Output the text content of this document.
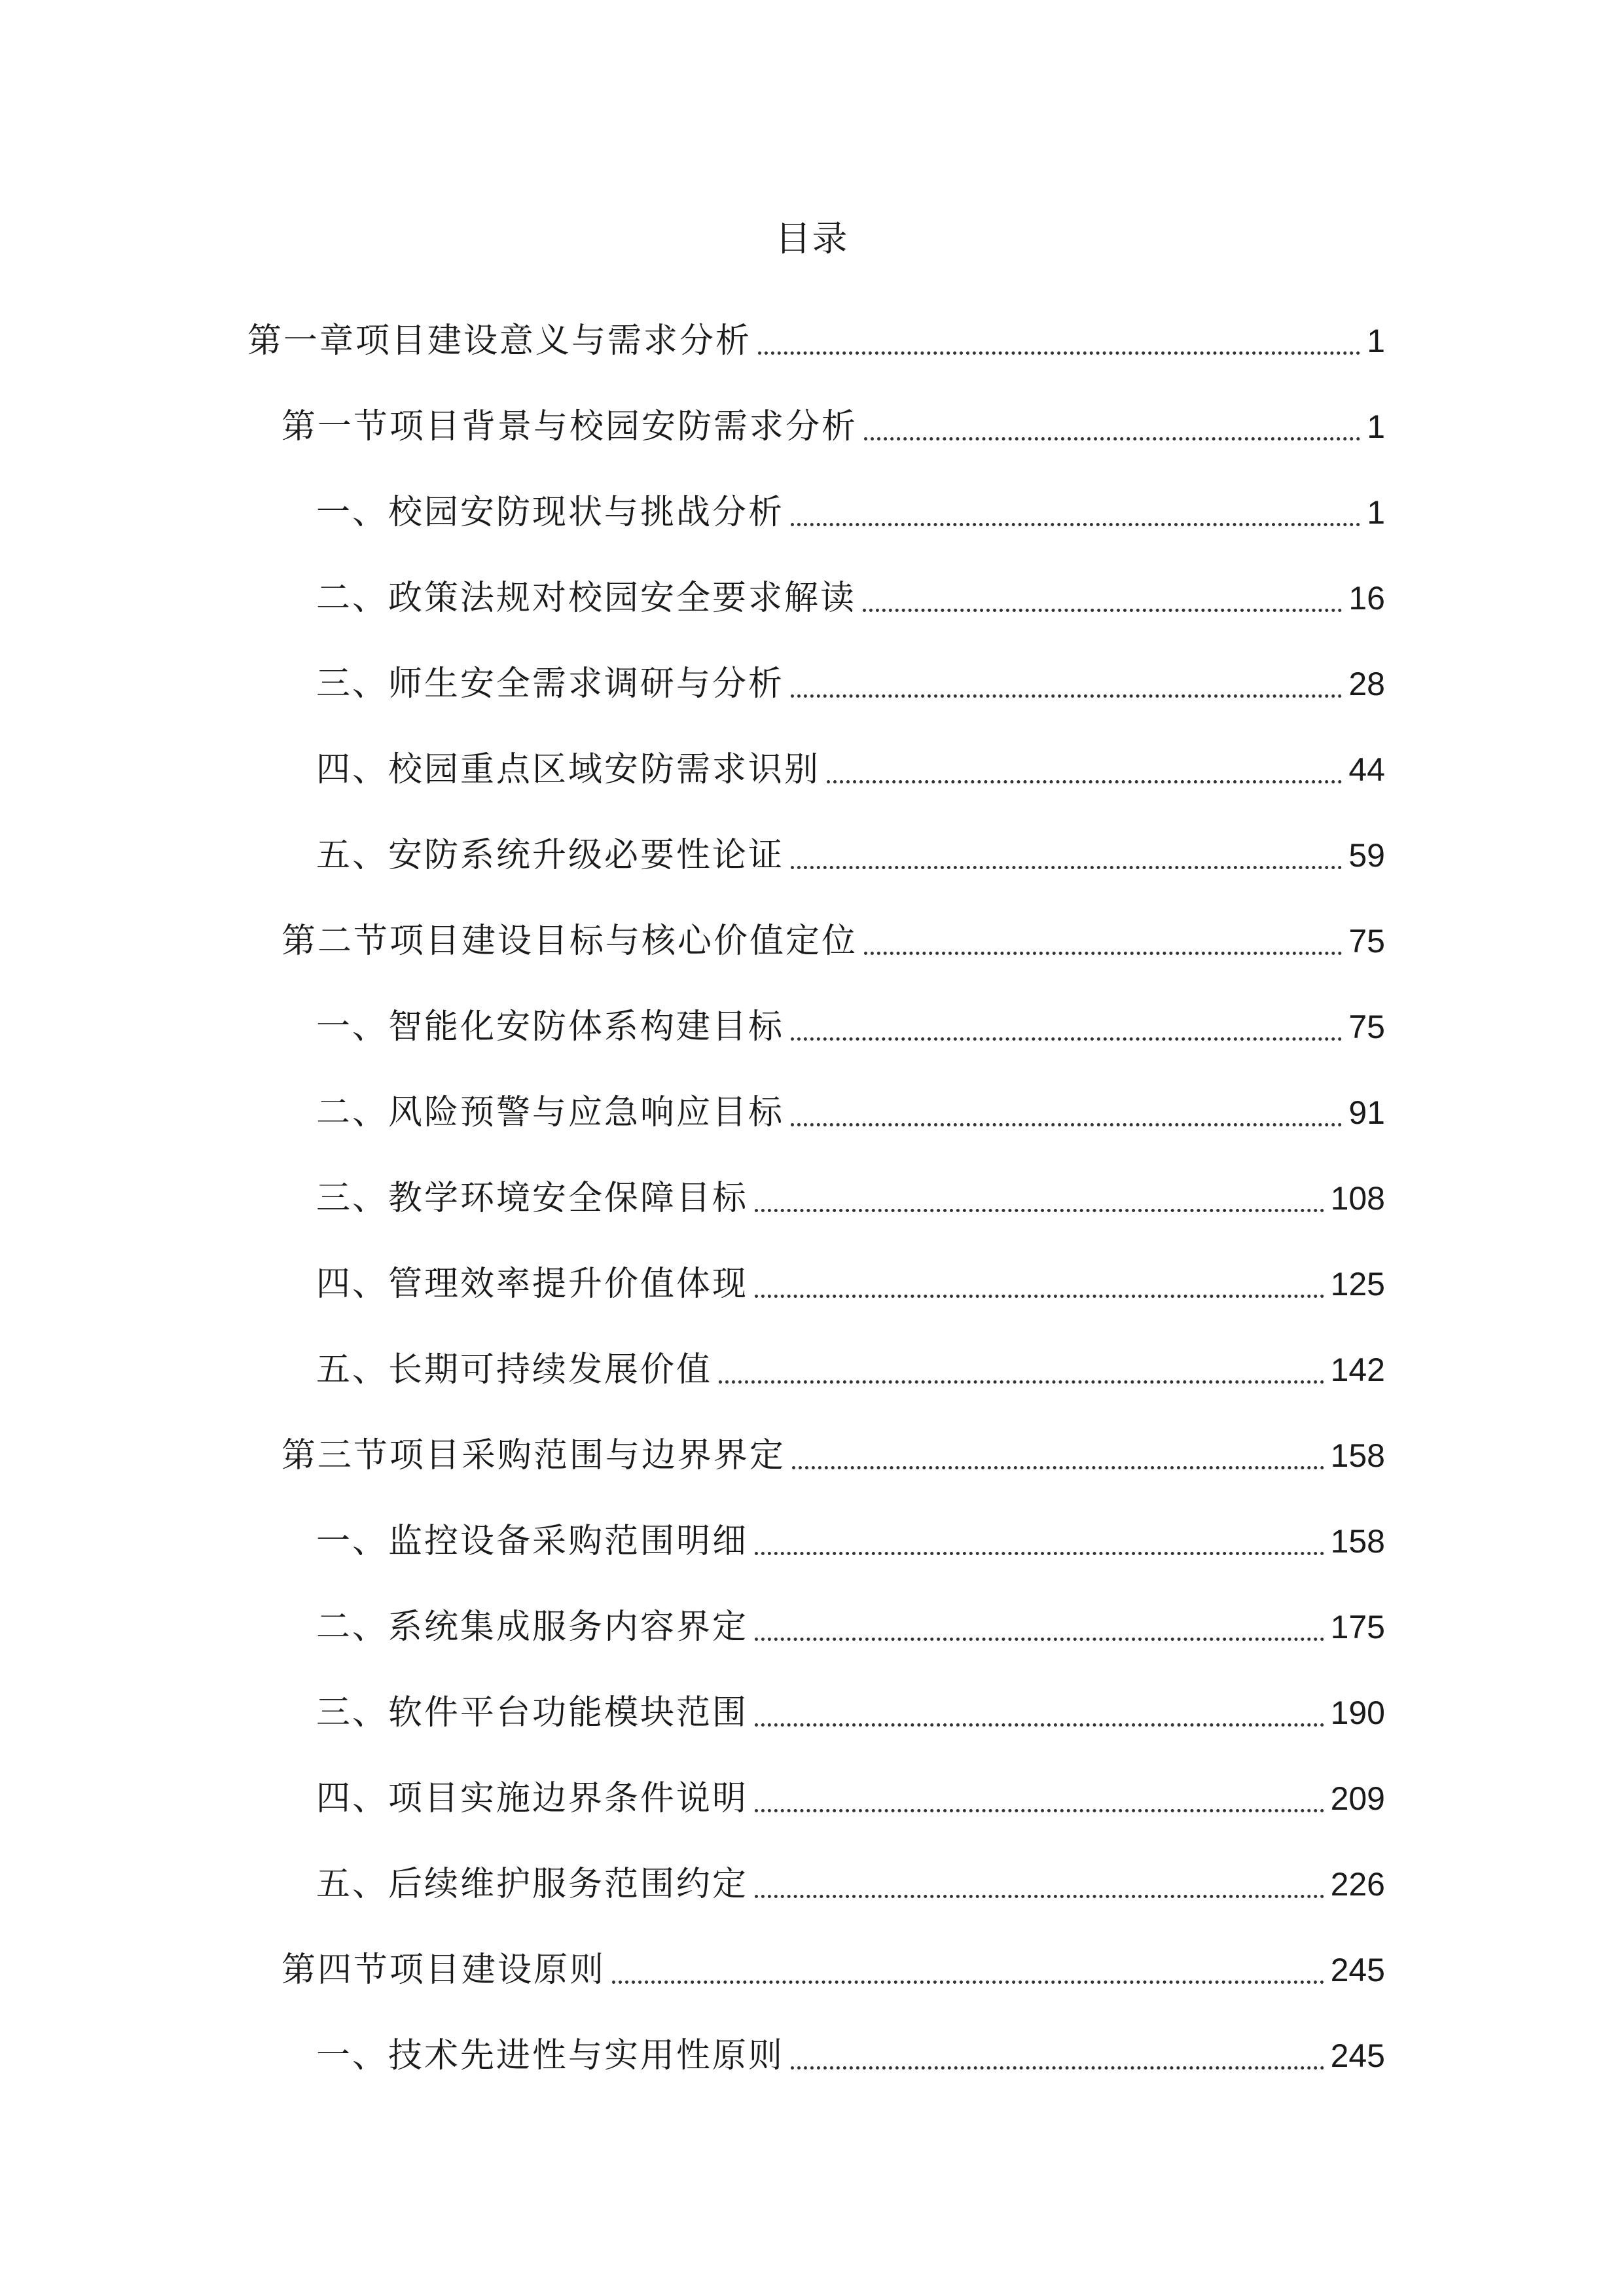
目录
第一章项目建设意义与需求分析	1
第一节项目背景与校园安防需求分析	1
一、校园安防现状与挑战分析	1
二、政策法规对校园安全要求解读	16
三、师生安全需求调研与分析	28
四、校园重点区域安防需求识别	44
五、安防系统升级必要性论证	59
第二节项目建设目标与核心价值定位	75
一、智能化安防体系构建目标	75
二、风险预警与应急响应目标	91
三、教学环境安全保障目标	108
四、管理效率提升价值体现	125
五、长期可持续发展价值	142
第三节项目采购范围与边界界定	158
一、监控设备采购范围明细	158
二、系统集成服务内容界定	175
三、软件平台功能模块范围	190
四、项目实施边界条件说明	209
五、后续维护服务范围约定	226
第四节项目建设原则	245
一、技术先进性与实用性原则	245
